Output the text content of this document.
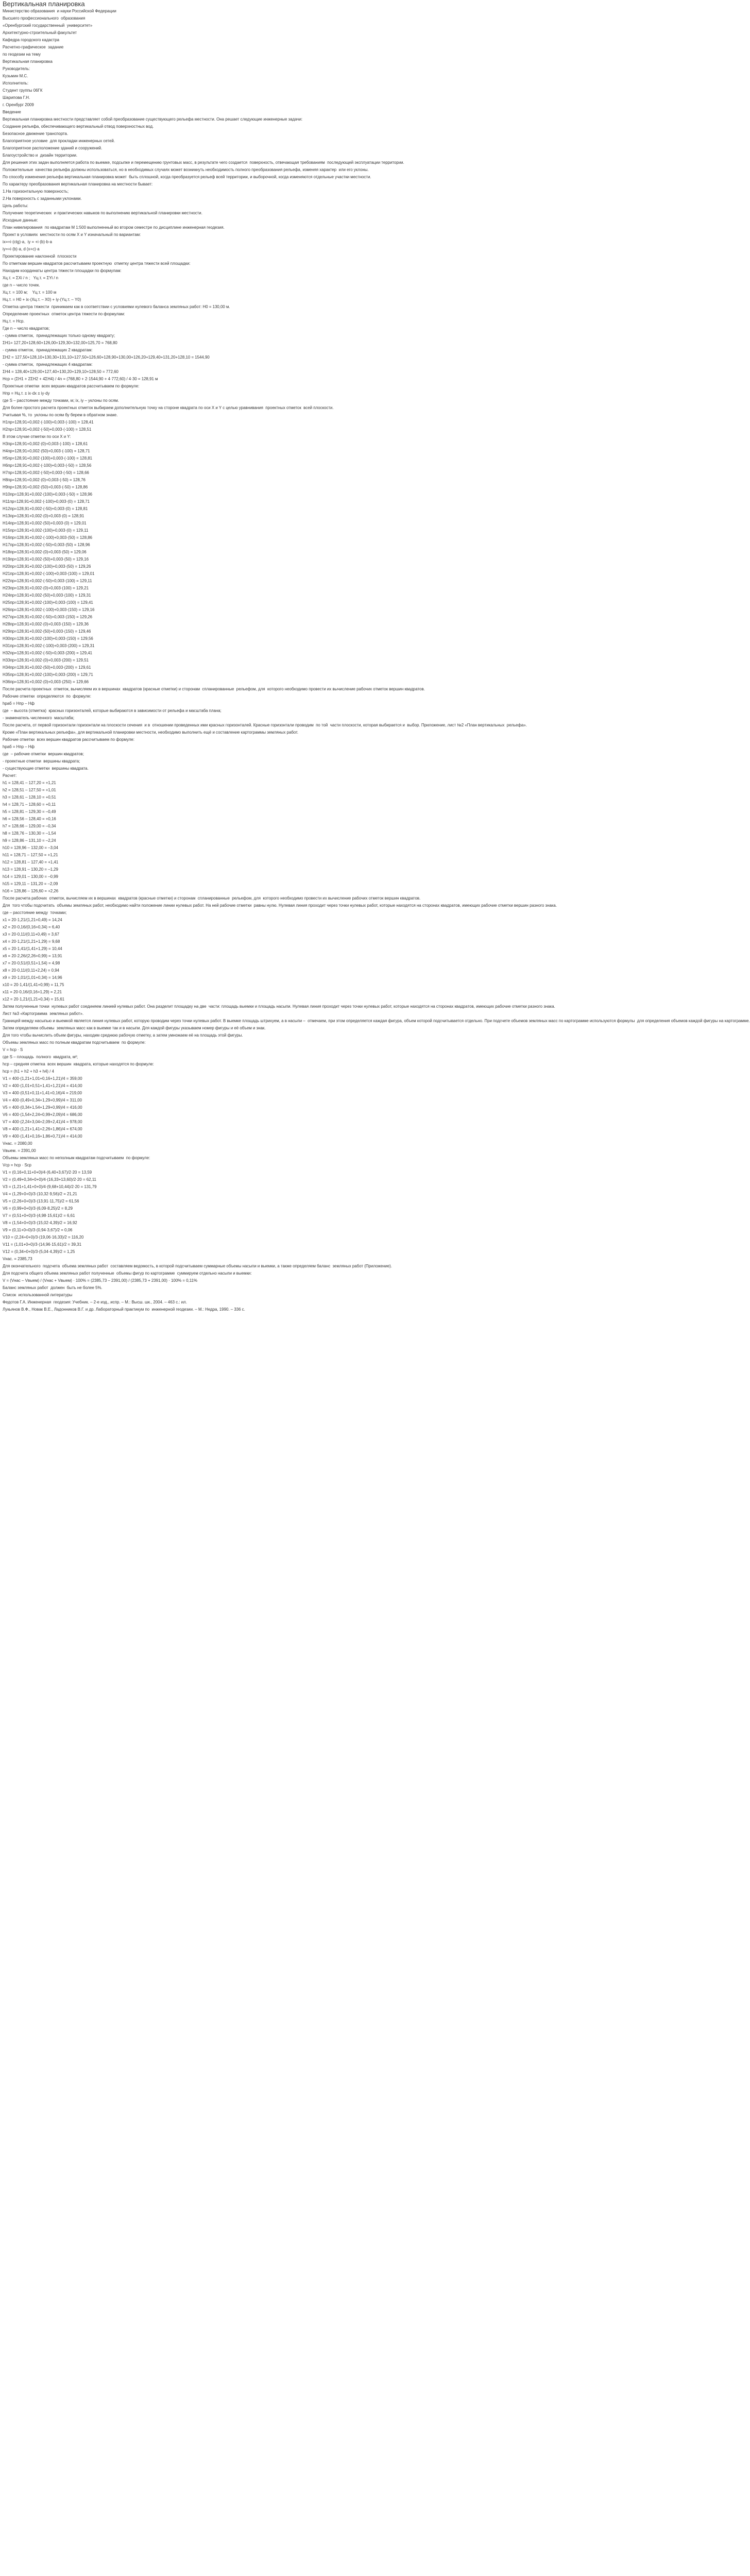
Вертикальная планировка
Министерство образования  и науки Российской Федерации
Высшего профессионального  образования
«Оренбургский государственный  университет»
Архитектурно-строительный факультет
Кафедра городского кадастра
Расчетно-графическое  задание
по геодезии на тему
Вертикальная планировка
Руководитель:
Кузьмин М.С.
Исполнитель:
Студент группы 06ГК
Шарипова Г.Н.
г. Оренбург 2009
Введение
Вертикальная планировка местности представляет собой преобразование существующего рельефа местности. Она решает следующие инженерные задачи:
Создание рельефа, обеспечивающего вертикальный отвод поверхностных вод.
Безопасное движение транспорта.
Благоприятное условие  для прокладки инженерных сетей.
Благоприятное расположение зданий и сооружений.
Благоустройство и  дизайн территории.
Для решения этих задач выполняется работа по выемке, подсыпке и перемещению грунтовых масс, в результате чего создается  поверхность, отвечающая требованиям  последующей эксплуатации территории.
Положительные  качества рельефа должны использоваться, но в необходимых случаях может возникнуть необходимость полного преобразования рельефа, изменяя характер  или его уклоны.
По способу изменения рельефа вертикальная планировка может  быть сплошной, когда преобразуется рельеф всей территории, и выборочной, когда изменяются отдельные участки местности.
По характеру преобразования вертикальная планировка на местности бывает:
1.На горизонтальную поверхность;
2.На поверхность с заданными уклонами.
Цель работы:
Получение теоретических  и практических навыков по выполнению вертикальной планировки местности.
Исходные данные:
План нивелирования  по квадратам М 1:500 выполненный во втором семестре по дисциплине инженерная геодезия.
Проект в условиях  местности по осям X и Y изначальный по вариантам:
ix=+i·(ctg)·a,  iy = +i·(b)·b·a
iy=+i·(b)·a, d (x+c)·a
Проектирование наклонной  плоскости
По отметкам вершин квадратов рассчитываем проектную  отметку центра тяжести всей площадки:
Находим координаты центра тяжести площадки по формулам:
Xц.т. = ΣXi / n ;   Yц.т. = ΣYi / n
где n – число точек.
Хц.т. = 100 м;    Yц.т. = 100 м
Нц.т. = Н0 + ix·(Хц.т. – X0) + iy·(Yц.т. – Y0)
Отметка центра тяжести  принимаем как в соответствии с условиями нулевого баланса земляных работ: Н0 = 130,00 м.
Определение проектных  отметок центра тяжести по формулам:
Нц.т. = Нср.
Где n – число квадратов;
- сумма отметок,  принадлежащих только одному квадрату;
ΣH1= 127,20+128,60+126,00+129,30+132,00+125,70 = 768,80
- сумма отметок,  принадлежащих 2 квадратам:
ΣH2 = 127,50+128,10+130,30+131,10+127,50+126,60+128,90+130,00+126,20+129,40+131,20+128,10 = 1544,90
- сумма отметок,  принадлежащих 4 квадратам:
ΣH4 = 128,40+129,00+127,40+130,20+129,10+128,50 = 772,60
Нср = (ΣH1 + 2ΣH2 + 4ΣH4) / 4n = (768,80 + 2·1544,90 + 4·772,60) / 4·30 = 128,91 м
Проектные отметки  всех вершин квадратов рассчитываем по формуле:
Hпр = Нц.т. ± ix·dx ± iy·dy
где S – расстояние между точками, м; ix, iy – уклоны по осям.
Для более простого расчета проектных отметок выбираем дополнительную точку на стороне квадрата по оси X и Y с целью уравнивания  проектных отметок  всей плоскости.
Учитывая %, то  уклоны по осям бу берем в обратном знаке.
Н1пр=128,91+0,002·(-100)+0,003·(-100) = 128,41
Н2пр=128,91+0,002·(-50)+0,003·(-100) = 128,51
В этом случае отметки по оси X и Y:
Н3пр=128,91+0,002·(0)+0,003·(-100) = 128,61
Н4пр=128,91+0,002·(50)+0,003·(-100) = 128,71
Н5пр=128,91+0,002·(100)+0,003·(-100) = 128,81
Н6пр=128,91+0,002·(-100)+0,003·(-50) = 128,56
Н7пр=128,91+0,002·(-50)+0,003·(-50) = 128,66
Н8пр=128,91+0,002·(0)+0,003·(-50) = 128,76
Н9пр=128,91+0,002·(50)+0,003·(-50) = 128,86
Н10пр=128,91+0,002·(100)+0,003·(-50) = 128,96
Н11пр=128,91+0,002·(-100)+0,003·(0) = 128,71
Н12пр=128,91+0,002·(-50)+0,003·(0) = 128,81
Н13пр=128,91+0,002·(0)+0,003·(0) = 128,91
Н14пр=128,91+0,002·(50)+0,003·(0) = 129,01
Н15пр=128,91+0,002·(100)+0,003·(0) = 129,11
Н16пр=128,91+0,002·(-100)+0,003·(50) = 128,86
Н17пр=128,91+0,002·(-50)+0,003·(50) = 128,96
Н18пр=128,91+0,002·(0)+0,003·(50) = 129,06
Н19пр=128,91+0,002·(50)+0,003·(50) = 129,16
Н20пр=128,91+0,002·(100)+0,003·(50) = 129,26
Н21пр=128,91+0,002·(-100)+0,003·(100) = 129,01
Н22пр=128,91+0,002·(-50)+0,003·(100) = 129,11
Н23пр=128,91+0,002·(0)+0,003·(100) = 129,21
Н24пр=128,91+0,002·(50)+0,003·(100) = 129,31
Н25пр=128,91+0,002·(100)+0,003·(100) = 129,41
Н26пр=128,91+0,002·(-100)+0,003·(150) = 129,16
Н27пр=128,91+0,002·(-50)+0,003·(150) = 129,26
Н28пр=128,91+0,002·(0)+0,003·(150) = 129,36
Н29пр=128,91+0,002·(50)+0,003·(150) = 129,46
Н30пр=128,91+0,002·(100)+0,003·(150) = 129,56
Н31пр=128,91+0,002·(-100)+0,003·(200) = 129,31
Н32пр=128,91+0,002·(-50)+0,003·(200) = 129,41
Н33пр=128,91+0,002·(0)+0,003·(200) = 129,51
Н34пр=128,91+0,002·(50)+0,003·(200) = 129,61
Н35пр=128,91+0,002·(100)+0,003·(200) = 129,71
Н36пр=128,91+0,002·(0)+0,003·(250) = 129,66
После расчета проектных  отметок, вычисляем их в вершинах  квадратов (красные отметки) и сторонам  спланированные  рельефом, для  которого необходимо провести их вычисление рабочих отметок вершин квадратов.
Рабочие отметки  определяются  по  формуле:
hраб = Hпр – Hф
где  – высота (отметка)  красных горизонталей, которые выбираются в зависимости от рельефа и масштаба плана;
- знаменатель численного  масштаба;
После расчета, от первой горизонтали горизонтали на плоскости сечения  и в  отношении проведенных ими красных горизонталей. Красные горизонтали проводим  по той  части плоскости, которая выбирается и  выбор. Приложение, лист №2 «План вертикальных  рельефа».
Кроме «План вертикальных рельефа», для вертикальной планировки местности, необходимо выполнить ещё и составление картограммы земляных работ.
Рабочие отметки  всех вершин квадратов рассчитываем по формуле:
hраб = Нпр – Нф
где  – рабочие отметки  вершин квадратов;
- проектные отметки  вершины квадрата;
- существующие отметки  вершины квадрата.
Расчет:
h1 = 128,41 – 127,20 = +1,21
h2 = 128,51 – 127,50 = +1,01
h3 = 128,61 – 128,10 = +0,51
h4 = 128,71 – 128,60 = +0,11
h5 = 128,81 – 129,30 = –0,49
h6 = 128,56 – 128,40 = +0,16
h7 = 128,66 – 129,00 = –0,34
h8 = 128,76 – 130,30 = –1,54
h9 = 128,86 – 131,10 = –2,24
h10 = 128,96 – 132,00 = –3,04
h11 = 128,71 – 127,50 = +1,21
h12 = 128,81 – 127,40 = +1,41
h13 = 128,91 – 130,20 = –1,29
h14 = 129,01 – 130,00 = –0,99
h15 = 129,11 – 131,20 = –2,09
h16 = 128,86 – 126,60 = +2,26
После расчета рабочих  отметок, вычисляем их в вершинах  квадратов (красные отметки) и сторонам  спланированные  рельефом, для  которого необходимо провести их вычисление рабочих отметок вершин квадратов.
Для  того чтобы подсчитать  объемы земляных работ, необходимо найти положение линии нулевых работ. На ней рабочие отметки  равны нулю. Нулевая линия проходит через точки нулевых работ, которые находятся на сторонах квадратов, имеющих рабочие отметки вершин разного знака.
где – расстояние между  точками;
x1 = 20·1,21/(1,21+0,49) = 14,24
x2 = 20·0,16/(0,16+0,34) = 6,40
x3 = 20·0,11/(0,11+0,49) = 3,67
x4 = 20·1,21/(1,21+1,29) = 9,68
x5 = 20·1,41/(1,41+1,29) = 10,44
x6 = 20·2,26/(2,26+0,99) = 13,91
x7 = 20·0,51/(0,51+1,54) = 4,98
x8 = 20·0,11/(0,11+2,24) = 0,94
x9 = 20·1,01/(1,01+0,34) = 14,96
x10 = 20·1,41/(1,41+0,99) = 11,75
x11 = 20·0,16/(0,16+1,29) = 2,21
x12 = 20·1,21/(1,21+0,34) = 15,61
Затем полученные точки  нулевых работ соединяем линией нулевых работ. Она разделит площадку на две  части: площадь выемки и площадь насыпи. Нулевая линия проходит через точки нулевых работ, которые находятся на сторонах квадратов, имеющих рабочие отметки разного знака.
Лист №3 «Картограмма  земляных работ».
Границей между насыпью и выемкой является линия нулевых работ, которую проводим через точки нулевых работ. В выемке площадь штрихуем, а в насыпи –  отмечаем, при этом определяется каждая фигура, объем которой подсчитывается отдельно. При подсчете объемов земляных масс по картограмме используются формулы  для определения объемов каждой фигуры на картограмме.
Затем определяем объемы  земляных масс как в выемке так и в насыпи. Для каждой фигуры указываем номер фигуры и её объем и знак.
Для того чтобы вычислить объем фигуры, находим среднюю рабочую отметку, а затем умножаем её на площадь этой фигуры.
Объемы земляных масс по полным квадратам подсчитываем  по формуле:
V = hср · S
где S – площадь  полного  квадрата, м²;
hср – средняя отметка  всех вершин  квадрата, которые находятся по формуле:
hср = (h1 + h2 + h3 + h4) / 4
V1 = 400·(1,21+1,01+0,16+1,21)/4 = 359,00
V2 = 400·(1,01+0,51+1,41+1,21)/4 = 414,00
V3 = 400·(0,51+0,11+1,41+0,16)/4 = 219,00
V4 = 400·(0,49+0,34+1,29+0,99)/4 = 311,00
V5 = 400·(0,34+1,54+1,29+0,99)/4 = 416,00
V6 = 400·(1,54+2,24+0,99+2,09)/4 = 686,00
V7 = 400·(2,24+3,04+2,09+2,41)/4 = 978,00
V8 = 400·(1,21+1,41+2,26+1,86)/4 = 674,00
V9 = 400·(1,41+0,16+1,86+0,71)/4 = 414,00
Vнас. = 2080,00
Vвыем. = 2391,00
Объемы земляных масс по неполным квадратам подсчитываем  по формуле:
Vср = hср · Sср
V1 = (0,16+0,11+0+0)/4·(6,40+3,67)/2·20 = 13,59
V2 = (0,49+0,34+0+0)/4·(16,33+13,60)/2·20 = 62,11
V3 = (1,21+1,41+0+0)/4·(9,68+10,44)/2·20 = 131,79
V4 = (1,29+0+0)/3·(10,32·9,56)/2 = 21,21
V5 = (2,26+0+0)/3·(13,91·11,75)/2 = 61,56
V6 = (0,99+0+0)/3·(6,09·8,25)/2 = 8,29
V7 = (0,51+0+0)/3·(4,98·15,61)/2 = 6,61
V8 = (1,54+0+0)/3·(15,02·4,39)/2 = 16,92
V9 = (0,11+0+0)/3·(0,94·3,67)/2 = 0,06
V10 = (2,24+0+0)/3·(19,06·16,33)/2 = 116,20
V11 = (1,01+0+0)/3·(14,96·15,61)/2 = 39,31
V12 = (0,34+0+0)/3·(5,04·4,39)/2 = 1,25
Vнас. = 2385,73
Для окончательного  подсчета  объема земляных работ  составляем ведомость, в которой подсчитываем суммарные объемы насыпи и выемки, а также определяем баланс  земляных работ (Приложение).
Для подсчета общего объема земляных работ полученные  объемы фигур по картограмме  суммируем отдельно насыпи и выемки:
V = (Vнас – Vвыем) / (Vнас + Vвыем) · 100% = (2385,73 – 2391,00) / (2385,73 + 2391,00) · 100% = 0,11%
Баланс земляных работ  должен  быть не более 5%.
Список  использованной литературы
Федотов Г.А. Инженерная  геодезия: Учебник. – 2-е изд., испр. – М.: Высш. шк., 2004. – 463 с.: ил.
Лукьянов В.Ф., Новак В.Е., Ладонников В.Г. и др. Лабораторный практикум по  инженерной геодезии. – М.: Недра, 1990. – 336 с.
